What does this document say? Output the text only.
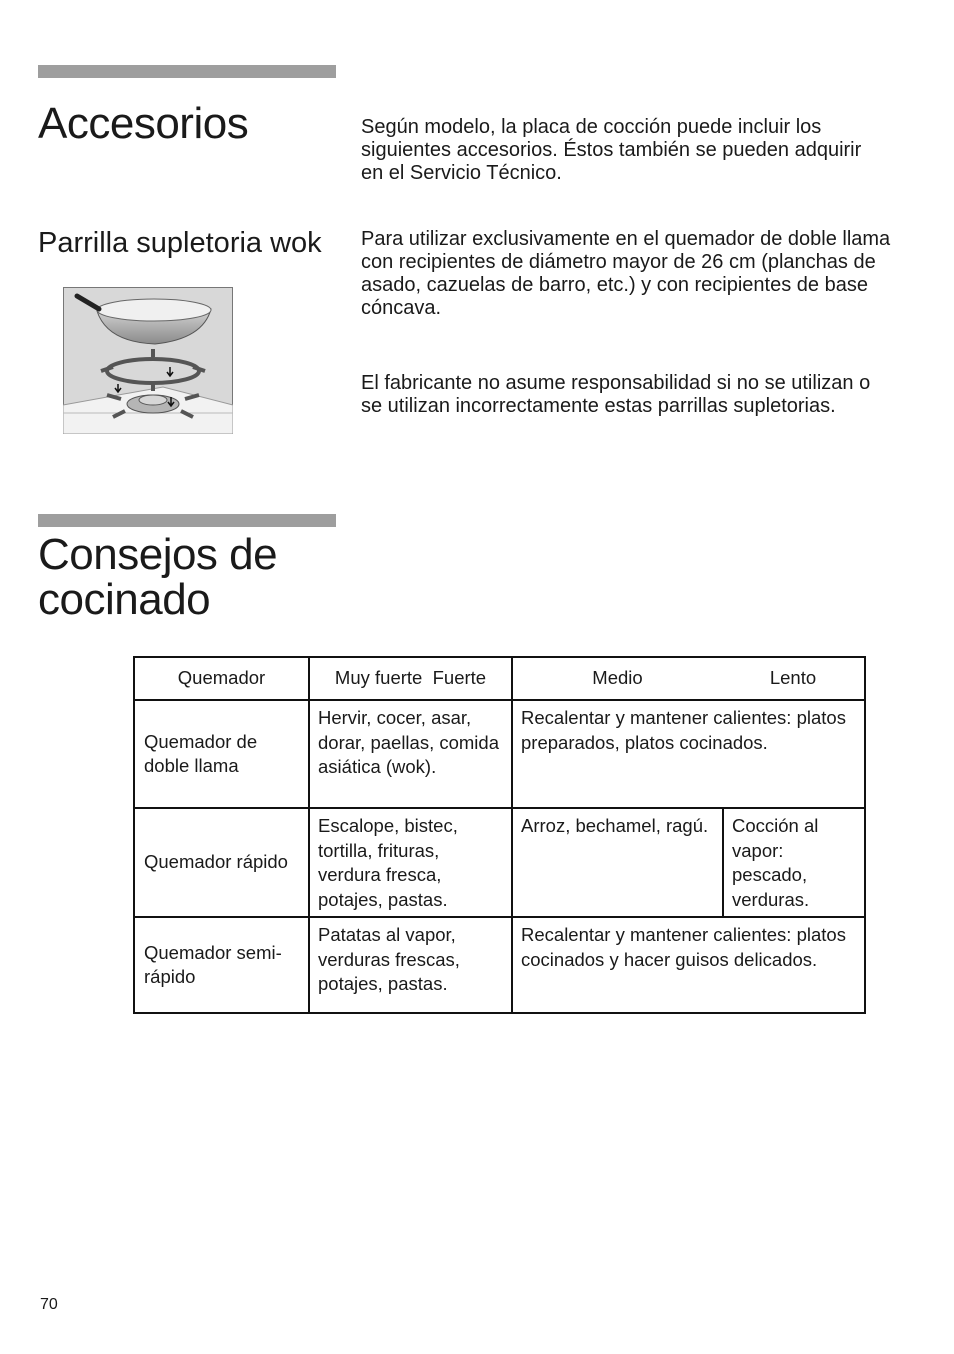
Accesorios	Según modelo, la placa de cocción puede incluir los siguientes accesorios. Éstos también se pueden adquirir en el Servicio Técnico.

Parrilla supletoria wok Para utilizar exclusivamente en el quemador de doble llama con recipientes de diámetro mayor de 26 cm (planchas de asado, cazuelas de barro, etc.) y con recipientes de base cóncava.

El fabricante no asume responsabilidad si no se utilizan o se utilizan incorrectamente estas parrillas supletorias.

Consejos de
cocinado
Quemador	Muy fuerte Fuerte	Medio Lento	

Quemador de doble llama	Hervir, cocer, asar, dorar, paellas, comida asiática (wok).	Recalentar y mantener calientes: platos preparados, platos cocinados.	
Quemador rápido	Escalope, bistec, tortilla, frituras, verdura fresca, potajes, pastas.	Arroz, bechamel, ragú.	Cocción al vapor: pescado, verduras.
Quemador semi-rápido	Patatas al vapor, verduras frescas, potajes, pastas.	Recalentar y mantener calientes: platos cocinados y hacer guisos delicados.	
70
